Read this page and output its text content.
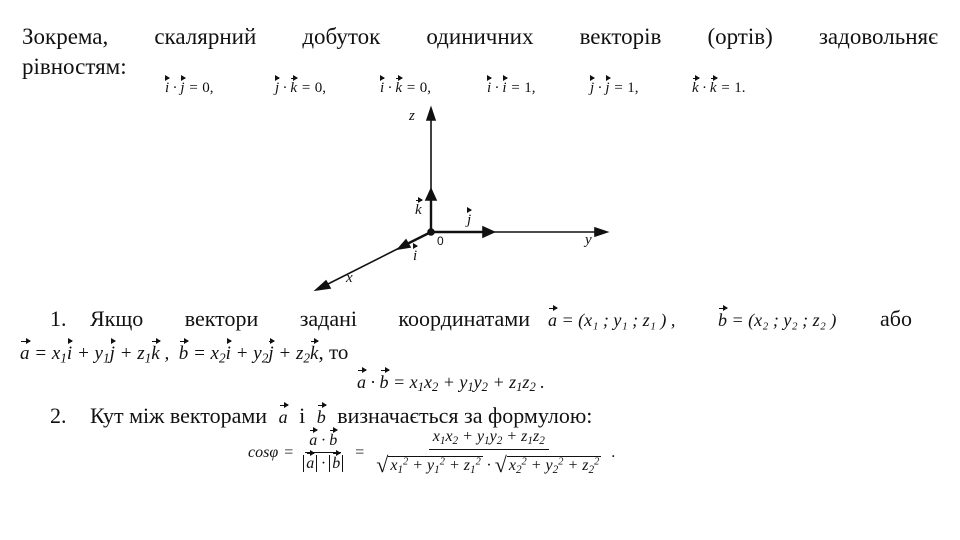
Зокрема, скалярний добуток одиничних векторів (ортів) задовольняє
рівностям:
i · j = 0,	j · k = 0,	i · k = 0,	i · i = 1,	j · j = 1,	k · k = 1.
z
y
x
0
k
j
i
1. Якщо вектори задані координатами a = (x₁ ; y₁ ; z₁ ) , b = (x₂ ; y₂ ; z₂ ) або
$a = x_1i + y_1j + z_1k$ ,  $b = x_2i + y_2j + z_2k$, то
$a \cdot b = x_1x_2 + y_1y_2 + z_1z_2$ .
2. Кут між векторами a і b визначається за формулою:
$\cos\varphi = \frac{a \cdot b}{a \cdot b} = \frac{x_1x_2 + y_1y_2 + z_1z_2}{√ x_1^2 + y_1^2 + z_1^2 \cdot √ x_2^2 + y_2^2 + z_2^2}$ .
